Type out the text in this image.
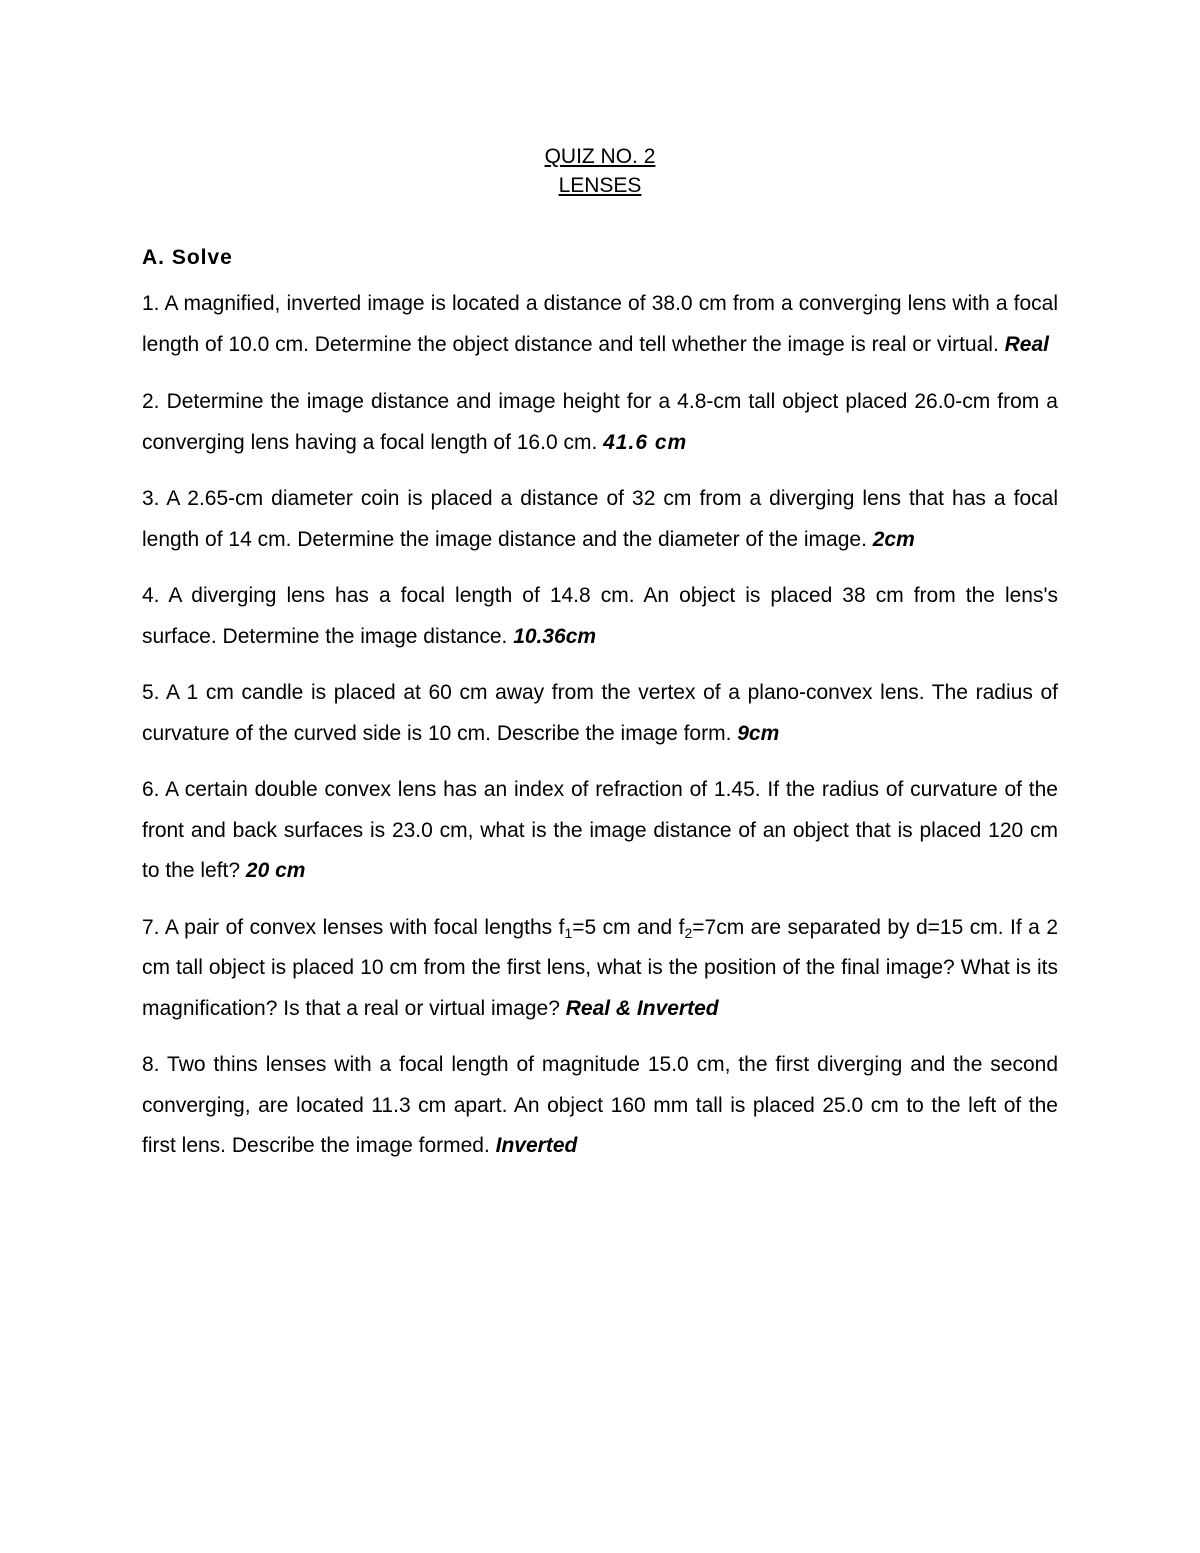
QUIZ NO. 2
LENSES
A. Solve

1. A magnified, inverted image is located a distance of 38.0 cm from a converging lens with a focal length of 10.0 cm. Determine the object distance and tell whether the image is real or virtual. Real

2. Determine the image distance and image height for a 4.8-cm tall object placed 26.0-cm from a converging lens having a focal length of 16.0 cm. 41.6 cm

3. A 2.65-cm diameter coin is placed a distance of 32 cm from a diverging lens that has a focal length of 14 cm. Determine the image distance and the diameter of the image. 2cm

4. A diverging lens has a focal length of 14.8 cm. An object is placed 38 cm from the lens's surface. Determine the image distance. 10.36cm

5. A 1 cm candle is placed at 60 cm away from the vertex of a plano-convex lens. The radius of curvature of the curved side is 10 cm. Describe the image form. 9cm

6. A certain double convex lens has an index of refraction of 1.45. If the radius of curvature of the front and back surfaces is 23.0 cm, what is the image distance of an object that is placed 120 cm to the left? 20 cm

7. A pair of convex lenses with focal lengths $f_1=5$ cm and $f_2=7cm$ are separated by d=15 cm. If a 2 cm tall object is placed 10 cm from the first lens, what is the position of the final image? What is its magnification? Is that a real or virtual image? Real & Inverted

8. Two thins lenses with a focal length of magnitude 15.0 cm, the first diverging and the second converging, are located 11.3 cm apart. An object 160 mm tall is placed 25.0 cm to the left of the first lens. Describe the image formed. Inverted
